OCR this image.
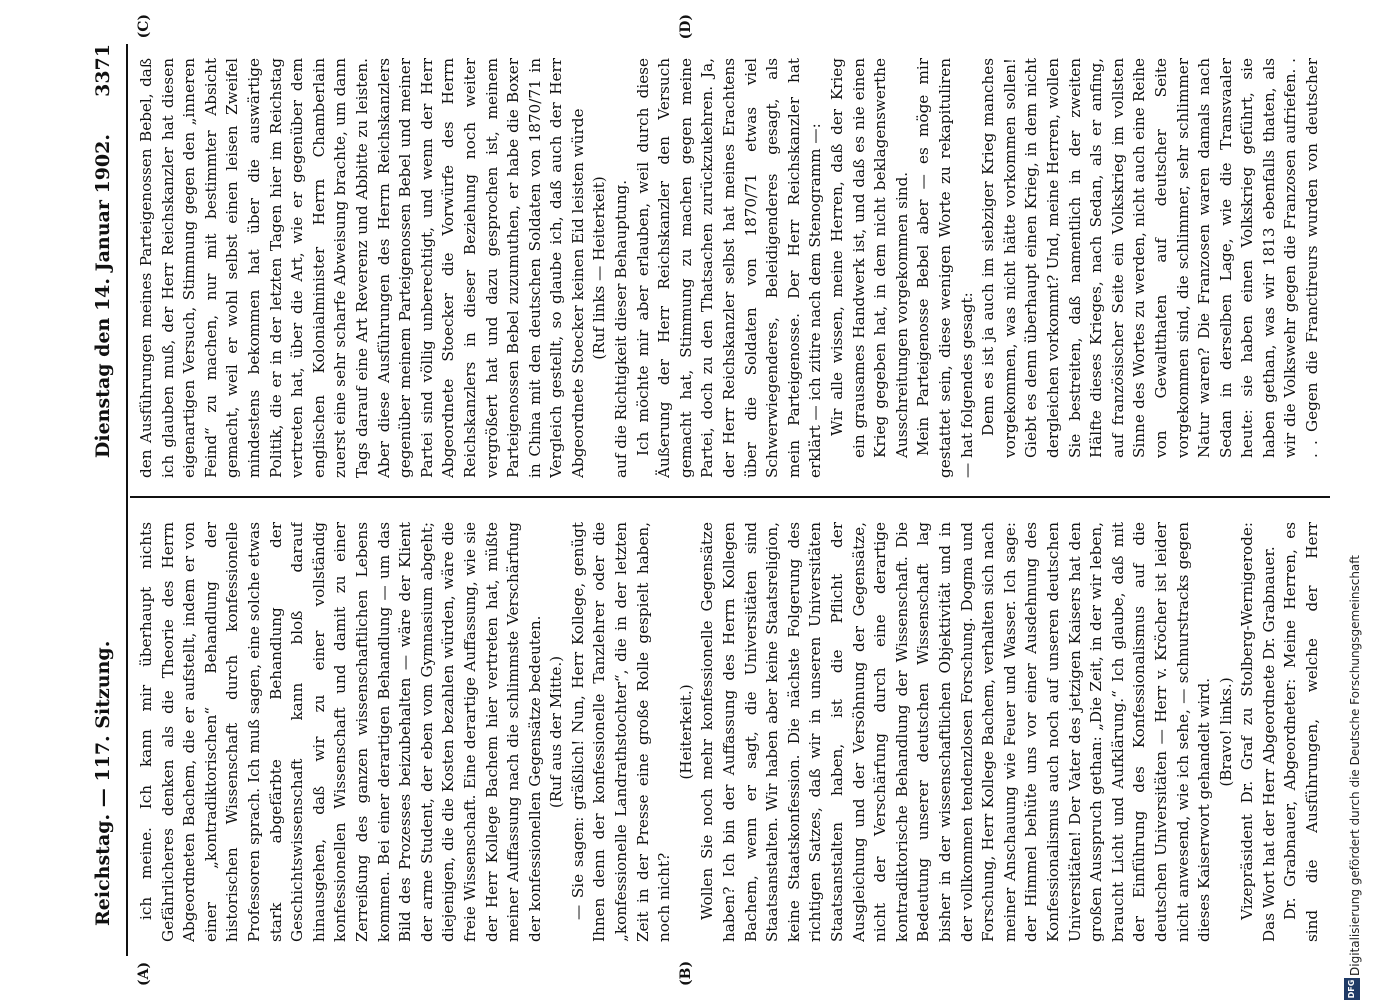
Reichstag. — 117. Sitzung.
Dienstag den 14. Januar 1902.
3371
(A)	(B)
(C)	(D)

ich meine. Ich kann mir überhaupt nichts Gefährlicheres denken als die Theorie des Herrn Abgeordneten Bachem, die er aufstellt, indem er von einer „kontradiktorischen“ Behandlung der historischen Wissenschaft durch konfessionelle Professoren sprach. Ich muß sagen, eine solche etwas stark abgefärbte Behandlung der Geschichtswissenschaft kann bloß darauf hinausgehen, daß wir zu einer vollständig konfessionellen Wissenschaft und damit zu einer Zerreißung des ganzen wissenschaftlichen Lebens kommen. Bei einer derartigen Behandlung — um das Bild des Prozesses beizubehalten — wäre der Klient der arme Student, der eben vom Gymnasium abgeht; diejenigen, die die Kosten bezahlen würden, wäre die freie Wissenschaft. Eine derartige Auffassung, wie sie der Herr Kollege Bachem hier vertreten hat, müßte meiner Auffassung nach die schlimmste Verschärfung der konfessionellen Gegensätze bedeuten. (Ruf aus der Mitte.) — Sie sagen: gräßlich! Nun, Herr Kollege, genügt Ihnen denn der konfessionelle Tanzlehrer oder die „konfessionelle Landrathstochter“, die in der letzten Zeit in der Presse eine große Rolle gespielt haben, noch nicht?

(Heiterkeit.) Wollen Sie noch mehr konfessionelle Gegensätze haben? Ich bin der Auffassung des Herrn Kollegen Bachem, wenn er sagt, die Universitäten sind Staatsanstalten. Wir haben aber keine Staatsreligion, keine Staatskonfession. Die nächste Folgerung des richtigen Satzes, daß wir in unseren Universitäten Staatsanstalten haben, ist die Pflicht der Ausgleichung und der Versöhnung der Gegensätze, nicht der Verschärfung durch eine derartige kontradiktorische Behandlung der Wissenschaft. Die Bedeutung unserer deutschen Wissenschaft lag bisher in der wissenschaftlichen Objektivität und in der vollkommen tendenzlosen Forschung. Dogma und Forschung, Herr Kollege Bachem, verhalten sich nach meiner Anschauung wie Feuer und Wasser. Ich sage: der Himmel behüte uns vor einer Ausdehnung des Konfessionalismus auch noch auf unseren deutschen Universitäten! Der Vater des jetzigen Kaisers hat den großen Ausspruch gethan: „Die Zeit, in der wir leben, braucht Licht und Aufklärung.“ Ich glaube, daß mit der Einführung des Konfessionalismus auf die deutschen Universitäten — Herr v. Kröcher ist leider nicht anwesend, wie ich sehe, — schnurstracks gegen dieses Kaiserwort gehandelt wird. (Bravo! links.) Vizepräsident Dr. Graf zu Stolberg-Wernigerode: Das Wort hat der Herr Abgeordnete Dr. Grabnauer. Dr. Grabnauer, Abgeordneter: Meine Herren, es sind die Ausführungen, welche der Herr

den Ausführungen meines Parteigenossen Bebel, daß ich glauben muß, der Herr Reichskanzler hat diesen eigenartigen Versuch, Stimmung gegen den „inneren Feind“ zu machen, nur mit bestimmter Absicht gemacht, weil er wohl selbst einen leisen Zweifel mindestens bekommen hat über die auswärtige Politik, die er in der letzten Tagen hier im Reichstag vertreten hat, über die Art, wie er gegenüber dem englischen Kolonialminister Herrn Chamberlain zuerst eine sehr scharfe Abweisung brachte, um dann Tags darauf eine Art Reverenz und Abbitte zu leisten. Aber diese Ausführungen des Herrn Reichskanzlers gegenüber meinem Parteigenossen Bebel und meiner Partei sind völlig unberechtigt, und wenn der Herr Abgeordnete Stoecker die Vorwürfe des Herrn Reichskanzlers in dieser Beziehung noch weiter vergrößert hat und dazu gesprochen ist, meinem Parteigenossen Bebel zuzumuthen, er habe die Boxer in China mit den deutschen Soldaten von 1870/71 in Vergleich gestellt, so glaube ich, daß auch der Herr Abgeordnete Stoecker keinen Eid leisten würde (Ruf links — Heiterkeit) auf die Richtigkeit dieser Behauptung. Ich möchte mir aber erlauben, weil durch diese Äußerung der Herr Reichskanzler den Versuch gemacht hat, Stimmung zu machen gegen meine Partei, doch zu den Thatsachen zurückzukehren. Ja, der Herr Reichskanzler selbst hat meines Erachtens über die Soldaten von 1870/71 etwas viel Schwerwiegenderes, Beleidigenderes gesagt, als mein Parteigenosse. Der Herr Reichskanzler hat erklärt — ich zitire nach dem Stenogramm —: Wir alle wissen, meine Herren, daß der Krieg ein grausames Handwerk ist, und daß es nie einen Krieg gegeben hat, in dem nicht beklagenswerthe Ausschreitungen vorgekommen sind. Mein Parteigenosse Bebel aber — es möge mir gestattet sein, diese wenigen Worte zu rekapituliren — hat folgendes gesagt: Denn es ist ja auch im siebziger Krieg manches vorgekommen, was nicht hätte vorkommen sollen! Giebt es denn überhaupt einen Krieg, in dem nicht dergleichen vorkommt? Und, meine Herren, wollen Sie bestreiten, daß namentlich in der zweiten Hälfte dieses Krieges, nach Sedan, als er anfing, auf französischer Seite ein Volkskrieg im vollsten Sinne des Wortes zu werden, nicht auch eine Reihe von Gewaltthaten auf deutscher Seite vorgekommen sind, die schlimmer, sehr schlimmer Natur waren? Die Franzosen waren damals nach Sedan in derselben Lage, wie die Transvaaler heute: sie haben einen Volkskrieg geführt, sie haben gethan, was wir 1813 ebenfalls thaten, als wir die Volkswehr gegen die Franzosen aufriefen. . . . Gegen die Franctireurs wurden von deutscher

DFG
Digitalisierung gefördert durch die Deutsche Forschungsgemeinschaft
